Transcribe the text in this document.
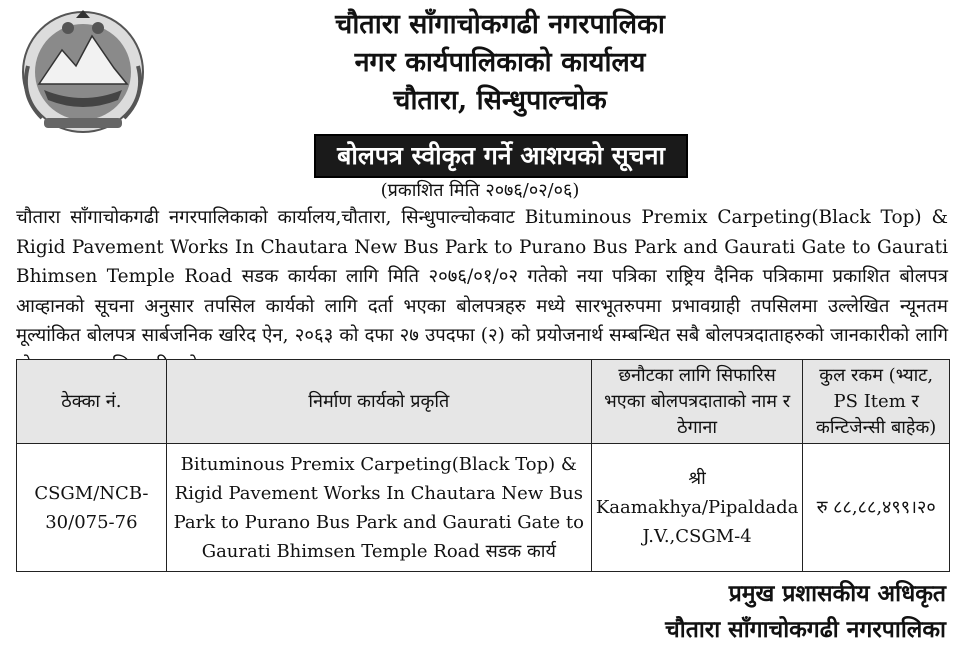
चौतारा साँगाचोकगढी नगरपालिका
नगर कार्यपालिकाको कार्यालय
चौतारा, सिन्धुपाल्चोक
बोलपत्र स्वीकृत गर्ने आशयको सूचना
(प्रकाशित मिति २०७६/०२/०६)
चौतारा साँगाचोकगढी नगरपालिकाको कार्यालय,चौतारा, सिन्धुपाल्चोकवाट Bituminous Premix Carpeting(Black Top) & Rigid Pavement Works In Chautara New Bus Park to Purano Bus Park and Gaurati Gate to Gaurati Bhimsen Temple Road सडक कार्यका लागि मिति २०७६/०१/०२ गतेको नया पत्रिका राष्ट्रिय दैनिक पत्रिकामा प्रकाशित बोलपत्र आव्हानको सूचना अनुसार तपसिल कार्यको लागि दर्ता भएका बोलपत्रहरु मध्ये सारभूतरुपमा प्रभावग्राही तपसिलमा उल्लेखित न्यूनतम मूल्यांकित बोलपत्र सार्बजनिक खरिद ऐन, २०६३ को दफा २७ उपदफा (२) को प्रयोजनार्थ सम्बन्धित सबै बोलपत्रदाताहरुको जानकारीको लागि
ठेक्का नं.	निर्माण कार्यको प्रकृति	छनौटका लागि सिफारिस भएका बोलपत्रदाताको नाम र ठेगाना	कुल रकम (भ्याट, PS Item र कन्टिजेन्सी बाहेक)
CSGM/NCB-30/075-76	Bituminous Premix Carpeting(Black Top) & Rigid Pavement Works In Chautara New Bus Park to Purano Bus Park and Gaurati Gate to Gaurati Bhimsen Temple Road सडक कार्य	श्री Kaamakhya/Pipaldada J.V.,CSGM-4	रु ८८,८८,४९९।२०
प्रमुख प्रशासकीय अधिकृत
चौतारा साँगाचोकगढी नगरपालिका
